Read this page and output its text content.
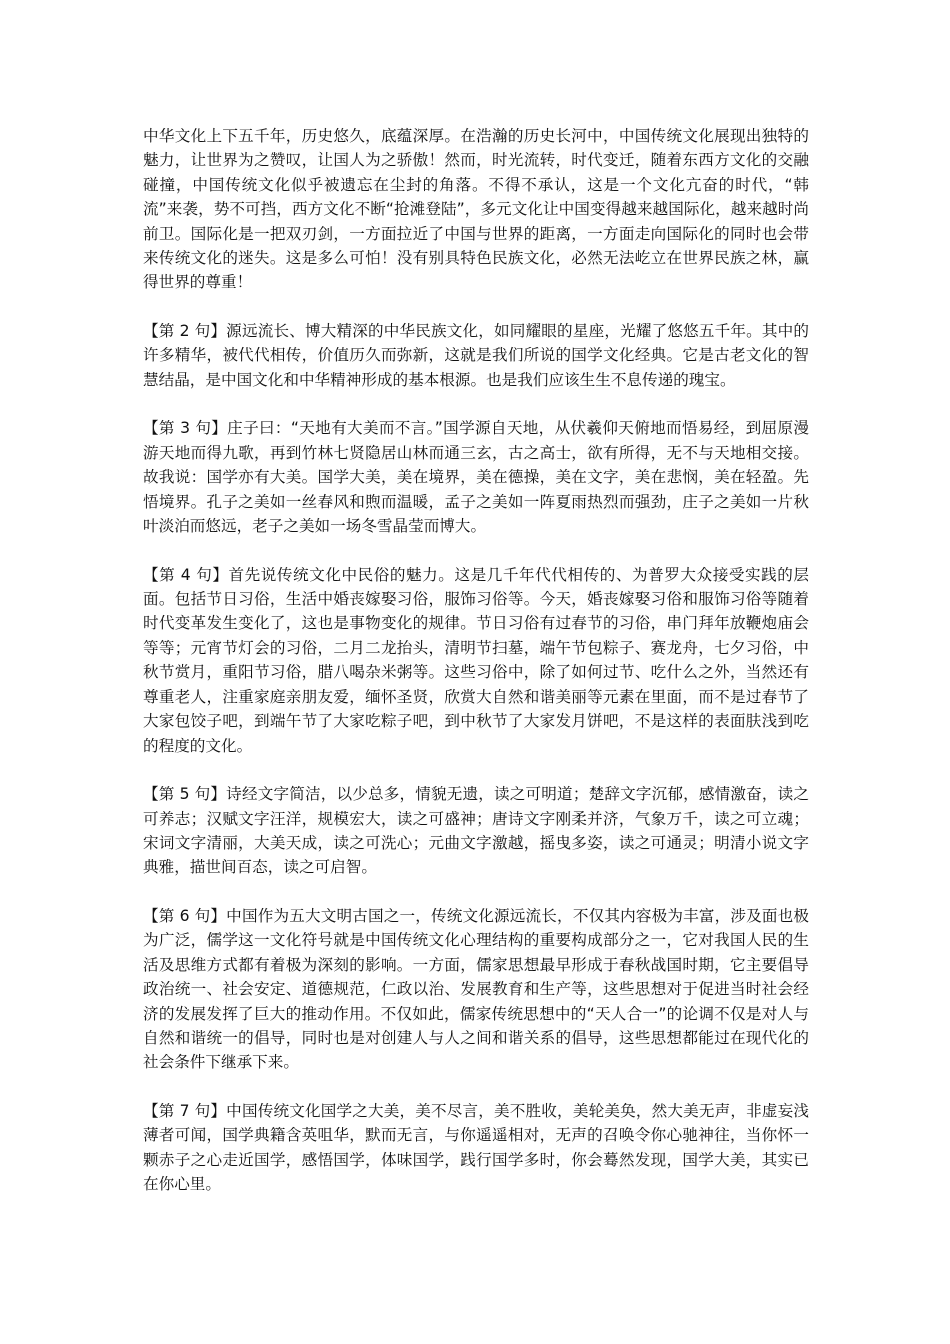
中华文化上下五千年，历史悠久，底蕴深厚。在浩瀚的历史长河中，中国传统文化展现出独特的魅力，让世界为之赞叹，让国人为之骄傲！然而，时光流转，时代变迁，随着东西方文化的交融碰撞，中国传统文化似乎被遗忘在尘封的角落。不得不承认，这是一个文化亢奋的时代，“韩流”来袭，势不可挡，西方文化不断“抢滩登陆”，多元文化让中国变得越来越国际化，越来越时尚前卫。国际化是一把双刃剑，一方面拉近了中国与世界的距离，一方面走向国际化的同时也会带来传统文化的迷失。这是多么可怕！没有别具特色民族文化，必然无法屹立在世界民族之林，赢得世界的尊重！

【第 2 句】源远流长、博大精深的中华民族文化，如同耀眼的星座，光耀了悠悠五千年。其中的许多精华，被代代相传，价值历久而弥新，这就是我们所说的国学文化经典。它是古老文化的智慧结晶，是中国文化和中华精神形成的基本根源。也是我们应该生生不息传递的瑰宝。

【第 3 句】庄子曰：“天地有大美而不言。”国学源自天地，从伏羲仰天俯地而悟易经，到屈原漫游天地而得九歌，再到竹林七贤隐居山林而通三玄，古之高士，欲有所得，无不与天地相交接。故我说：国学亦有大美。国学大美，美在境界，美在德操，美在文字，美在悲悯，美在轻盈。先悟境界。孔子之美如一丝春风和煦而温暖，孟子之美如一阵夏雨热烈而强劲，庄子之美如一片秋叶淡泊而悠远，老子之美如一场冬雪晶莹而博大。

【第 4 句】首先说传统文化中民俗的魅力。这是几千年代代相传的、为普罗大众接受实践的层面。包括节日习俗，生活中婚丧嫁娶习俗，服饰习俗等。今天，婚丧嫁娶习俗和服饰习俗等随着时代变革发生变化了，这也是事物变化的规律。节日习俗有过春节的习俗，串门拜年放鞭炮庙会等等；元宵节灯会的习俗，二月二龙抬头，清明节扫墓，端午节包粽子、赛龙舟，七夕习俗，中秋节赏月，重阳节习俗，腊八喝杂米粥等。这些习俗中，除了如何过节、吃什么之外，当然还有尊重老人，注重家庭亲朋友爱，缅怀圣贤，欣赏大自然和谐美丽等元素在里面，而不是过春节了大家包饺子吧，到端午节了大家吃粽子吧，到中秋节了大家发月饼吧，不是这样的表面肤浅到吃的程度的文化。

【第 5 句】诗经文字简洁，以少总多，情貌无遗，读之可明道；楚辞文字沉郁，感情激奋，读之可养志；汉赋文字汪洋，规模宏大，读之可盛神；唐诗文字刚柔并济，气象万千，读之可立魂；宋词文字清丽，大美天成，读之可洗心；元曲文字激越，摇曳多姿，读之可通灵；明清小说文字典雅，描世间百态，读之可启智。

【第 6 句】中国作为五大文明古国之一，传统文化源远流长，不仅其内容极为丰富，涉及面也极为广泛，儒学这一文化符号就是中国传统文化心理结构的重要构成部分之一，它对我国人民的生活及思维方式都有着极为深刻的影响。一方面，儒家思想最早形成于春秋战国时期，它主要倡导政治统一、社会安定、道德规范，仁政以治、发展教育和生产等，这些思想对于促进当时社会经济的发展发挥了巨大的推动作用。不仅如此，儒家传统思想中的“天人合一”的论调不仅是对人与自然和谐统一的倡导，同时也是对创建人与人之间和谐关系的倡导，这些思想都能过在现代化的社会条件下继承下来。

【第 7 句】中国传统文化国学之大美，美不尽言，美不胜收，美轮美奂，然大美无声，非虚妄浅薄者可闻，国学典籍含英咀华，默而无言，与你遥遥相对，无声的召唤令你心驰神往，当你怀一颗赤子之心走近国学，感悟国学，体味国学，践行国学多时，你会蓦然发现，国学大美，其实已在你心里。
